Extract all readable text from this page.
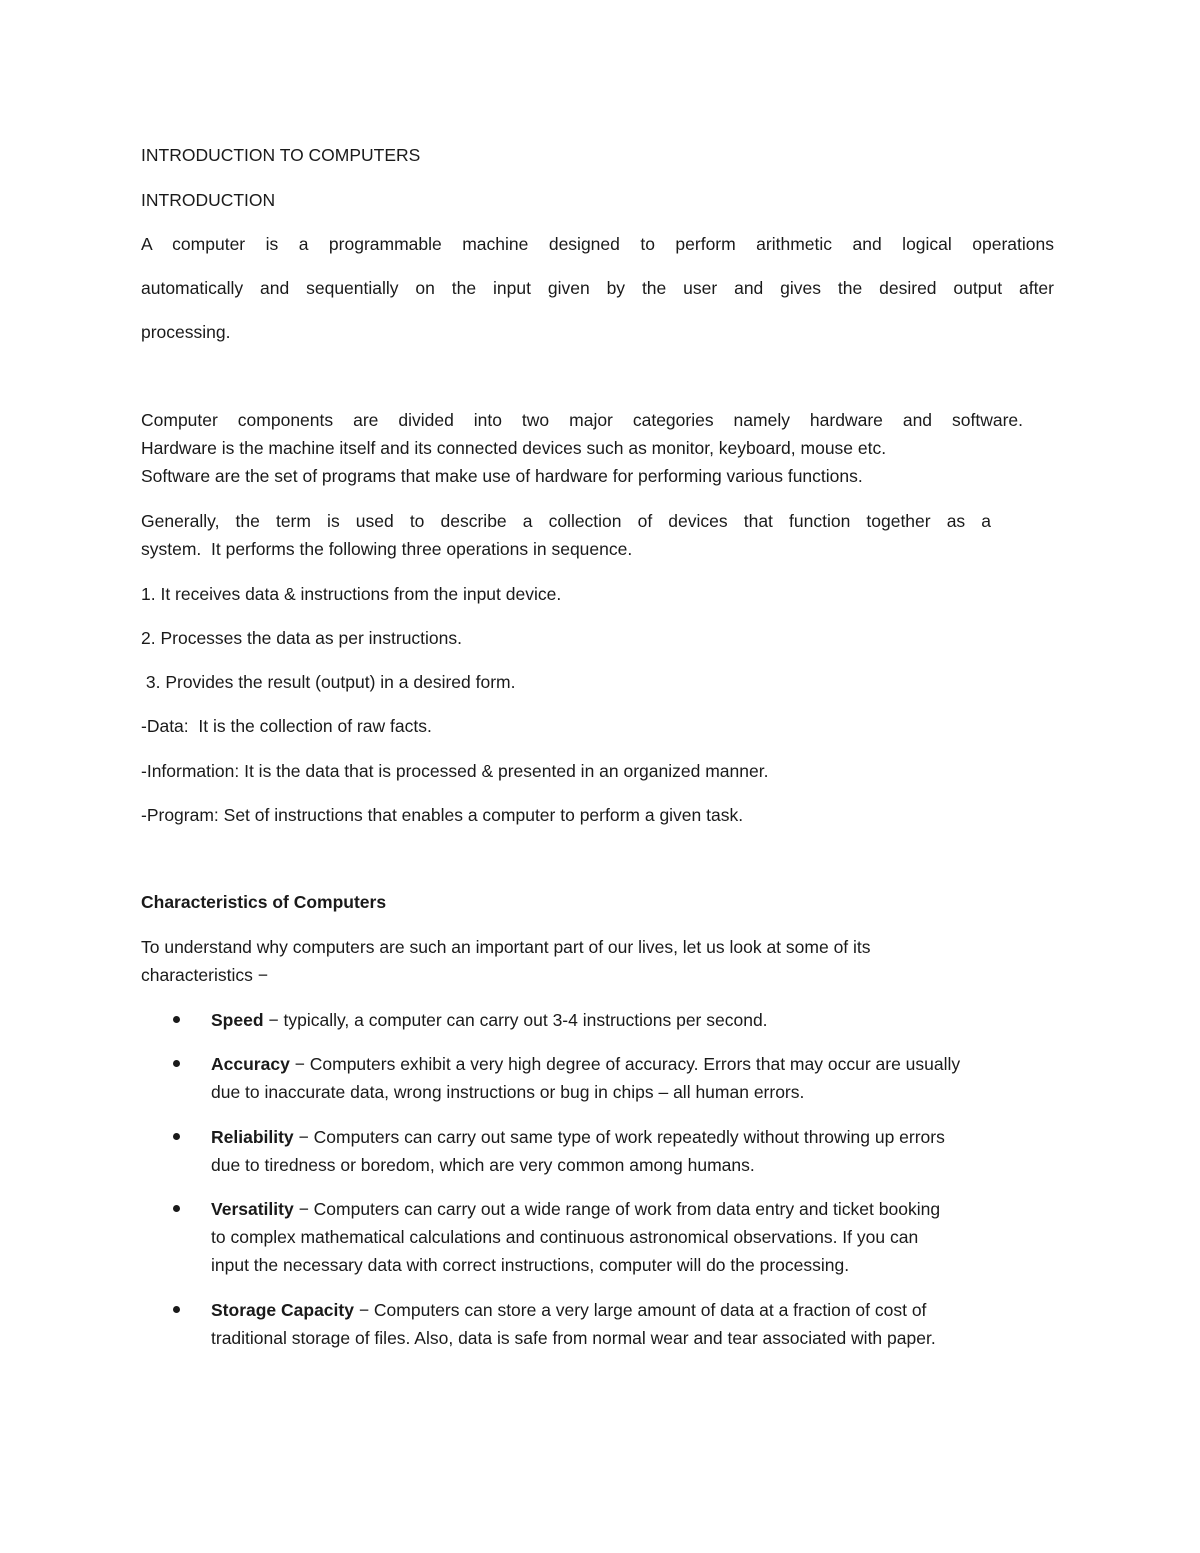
INTRODUCTION TO COMPUTERS

INTRODUCTION

A computer is a programmable machine designed to perform arithmetic and logical operations

automatically and sequentially on the input given by the user and gives the desired output after

processing.

Computer components are divided into two major categories namely hardware and software.

Hardware is the machine itself and its connected devices such as monitor, keyboard, mouse etc.

Software are the set of programs that make use of hardware for performing various functions.

Generally, the term is used to describe a collection of devices that function together as a

system.  It performs the following three operations in sequence.

1. It receives data & instructions from the input device.

2. Processes the data as per instructions.

3. Provides the result (output) in a desired form.

-Data:  It is the collection of raw facts.

-Information: It is the data that is processed & presented in an organized manner.

-Program: Set of instructions that enables a computer to perform a given task.

Characteristics of Computers

To understand why computers are such an important part of our lives, let us look at some of its

characteristics −

Speed − typically, a computer can carry out 3-4 instructions per second.

Accuracy − Computers exhibit a very high degree of accuracy. Errors that may occur are usually

due to inaccurate data, wrong instructions or bug in chips – all human errors.

Reliability − Computers can carry out same type of work repeatedly without throwing up errors

due to tiredness or boredom, which are very common among humans.

Versatility − Computers can carry out a wide range of work from data entry and ticket booking

to complex mathematical calculations and continuous astronomical observations. If you can

input the necessary data with correct instructions, computer will do the processing.

Storage Capacity − Computers can store a very large amount of data at a fraction of cost of

traditional storage of files. Also, data is safe from normal wear and tear associated with paper.
